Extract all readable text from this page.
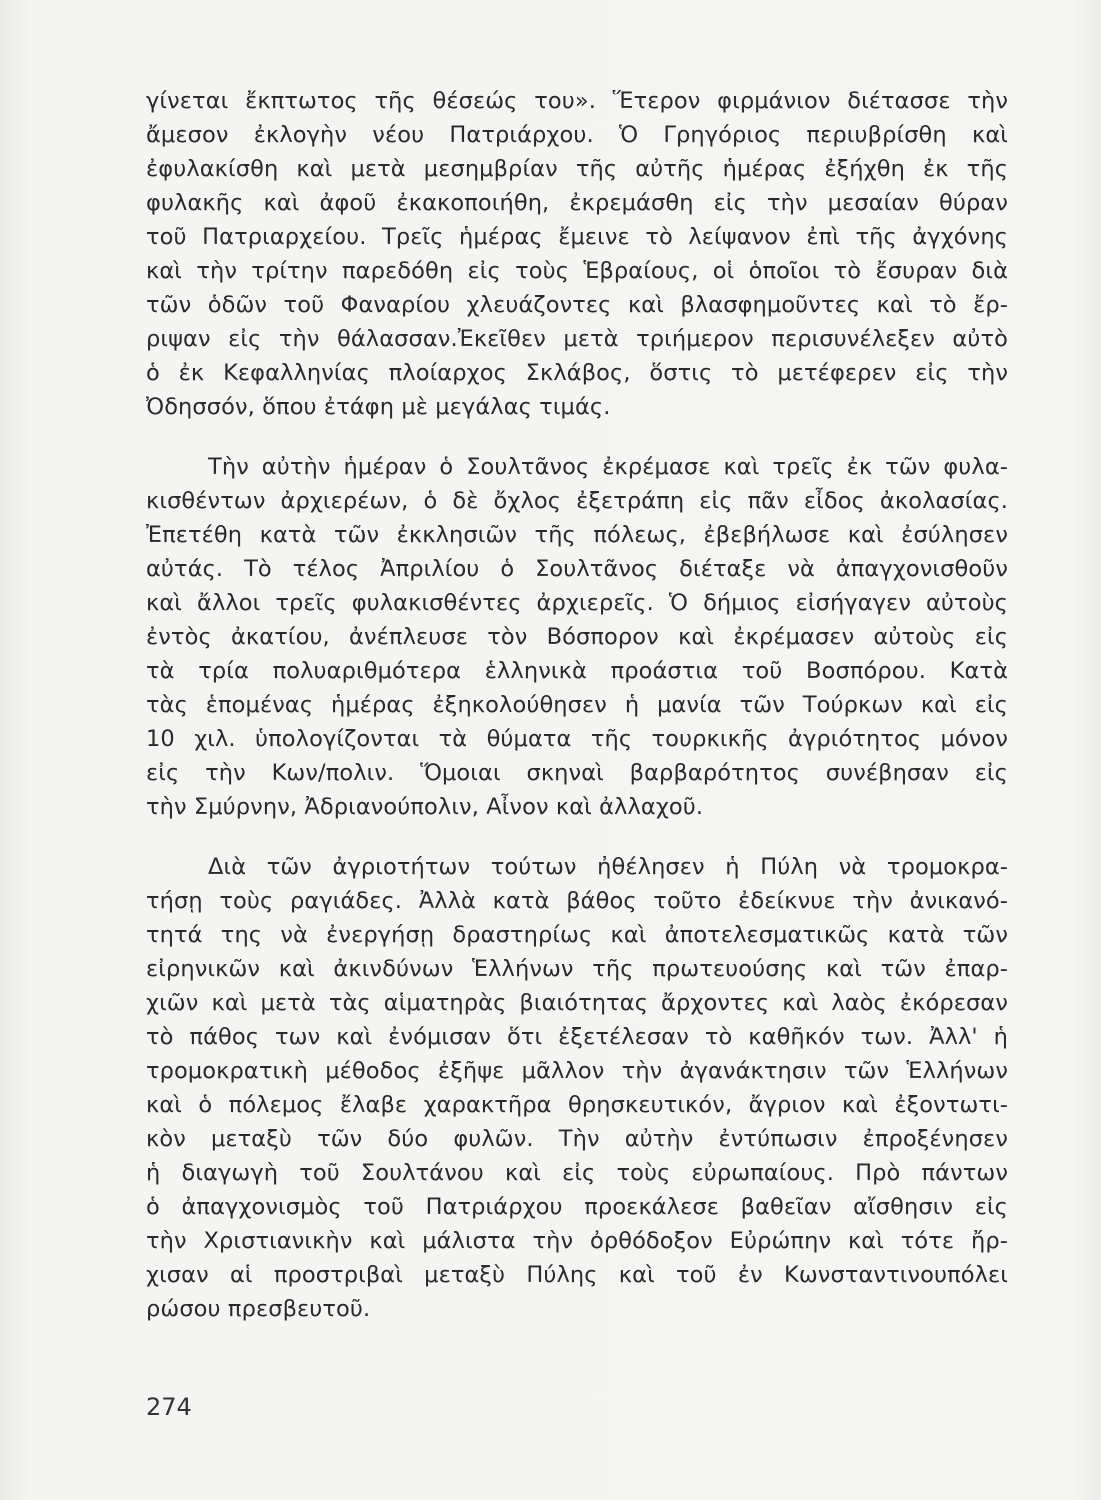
γίνεται ἔκπτωτος τῆς θέσεώς του». Ἕτερον φιρμάνιον διέτασσε τὴν
ἄμεσον ἐκλογὴν νέου Πατριάρχου. Ὁ Γρηγόριος περιυβρίσθη καὶ
ἐφυλακίσθη καὶ μετὰ μεσημβρίαν τῆς αὐτῆς ἡμέρας ἐξήχθη ἐκ τῆς
φυλακῆς καὶ ἀφοῦ ἐκακοποιήθη, ἐκρεμάσθη εἰς τὴν μεσαίαν θύραν
τοῦ Πατριαρχείου. Τρεῖς ἡμέρας ἔμεινε τὸ λείψανον ἐπὶ τῆς ἀγχόνης
καὶ τὴν τρίτην παρεδόθη εἰς τοὺς Ἑβραίους, οἱ ὁποῖοι τὸ ἔσυραν διὰ
τῶν ὁδῶν τοῦ Φαναρίου χλευάζοντες καὶ βλασφημοῦντες καὶ τὸ ἔρ-
ριψαν εἰς τὴν θάλασσαν.Ἐκεῖθεν μετὰ τριήμερον περισυνέλεξεν αὐτὸ
ὁ ἐκ Κεφαλληνίας πλοίαρχος Σκλάβος, ὅστις τὸ μετέφερεν εἰς τὴν
Ὀδησσόν, ὅπου ἐτάφη μὲ μεγάλας τιμάς.
Τὴν αὐτὴν ἡμέραν ὁ Σουλτᾶνος ἐκρέμασε καὶ τρεῖς ἐκ τῶν φυλα-
κισθέντων ἀρχιερέων, ὁ δὲ ὄχλος ἐξετράπη εἰς πᾶν εἶδος ἀκολασίας.
Ἐπετέθη κατὰ τῶν ἐκκλησιῶν τῆς πόλεως, ἐβεβήλωσε καὶ ἐσύλησεν
αὐτάς. Τὸ τέλος Ἀπριλίου ὁ Σουλτᾶνος διέταξε νὰ ἀπαγχονισθοῦν
καὶ ἄλλοι τρεῖς φυλακισθέντες ἀρχιερεῖς. Ὁ δήμιος εἰσήγαγεν αὐτοὺς
ἐντὸς ἀκατίου, ἀνέπλευσε τὸν Βόσπορον καὶ ἐκρέμασεν αὐτοὺς εἰς
τὰ τρία πολυαριθμότερα ἑλληνικὰ προάστια τοῦ Βοσπόρου. Κατὰ
τὰς ἑπομένας ἡμέρας ἐξηκολούθησεν ἡ μανία τῶν Τούρκων καὶ εἰς
10 χιλ. ὑπολογίζονται τὰ θύματα τῆς τουρκικῆς ἀγριότητος μόνον
εἰς τὴν Κων/πολιν. Ὅμοιαι σκηναὶ βαρβαρότητος συνέβησαν εἰς
τὴν Σμύρνην, Ἀδριανούπολιν, Αἶνον καὶ ἀλλαχοῦ.
Διὰ τῶν ἀγριοτήτων τούτων ἠθέλησεν ἡ Πύλη νὰ τρομοκρα-
τήσῃ τοὺς ραγιάδες. Ἀλλὰ κατὰ βάθος τοῦτο ἐδείκνυε τὴν ἀνικανό-
τητά της νὰ ἐνεργήσῃ δραστηρίως καὶ ἀποτελεσματικῶς κατὰ τῶν
εἰρηνικῶν καὶ ἀκινδύνων Ἑλλήνων τῆς πρωτευούσης καὶ τῶν ἐπαρ-
χιῶν καὶ μετὰ τὰς αἱματηρὰς βιαιότητας ἄρχοντες καὶ λαὸς ἐκόρεσαν
τὸ πάθος των καὶ ἐνόμισαν ὅτι ἐξετέλεσαν τὸ καθῆκόν των. Ἀλλ' ἡ
τρομοκρατικὴ μέθοδος ἐξῆψε μᾶλλον τὴν ἀγανάκτησιν τῶν Ἑλλήνων
καὶ ὁ πόλεμος ἔλαβε χαρακτῆρα θρησκευτικόν, ἄγριον καὶ ἐξοντωτι-
κὸν μεταξὺ τῶν δύο φυλῶν. Τὴν αὐτὴν ἐντύπωσιν ἐπροξένησεν
ἡ διαγωγὴ τοῦ Σουλτάνου καὶ εἰς τοὺς εὐρωπαίους. Πρὸ πάντων
ὁ ἀπαγχονισμὸς τοῦ Πατριάρχου προεκάλεσε βαθεῖαν αἴσθησιν εἰς
τὴν Χριστιανικὴν καὶ μάλιστα τὴν ὀρθόδοξον Εὐρώπην καὶ τότε ἤρ-
χισαν αἱ προστριβαὶ μεταξὺ Πύλης καὶ τοῦ ἐν Κωνσταντινουπόλει
ρώσου πρεσβευτοῦ.
274
